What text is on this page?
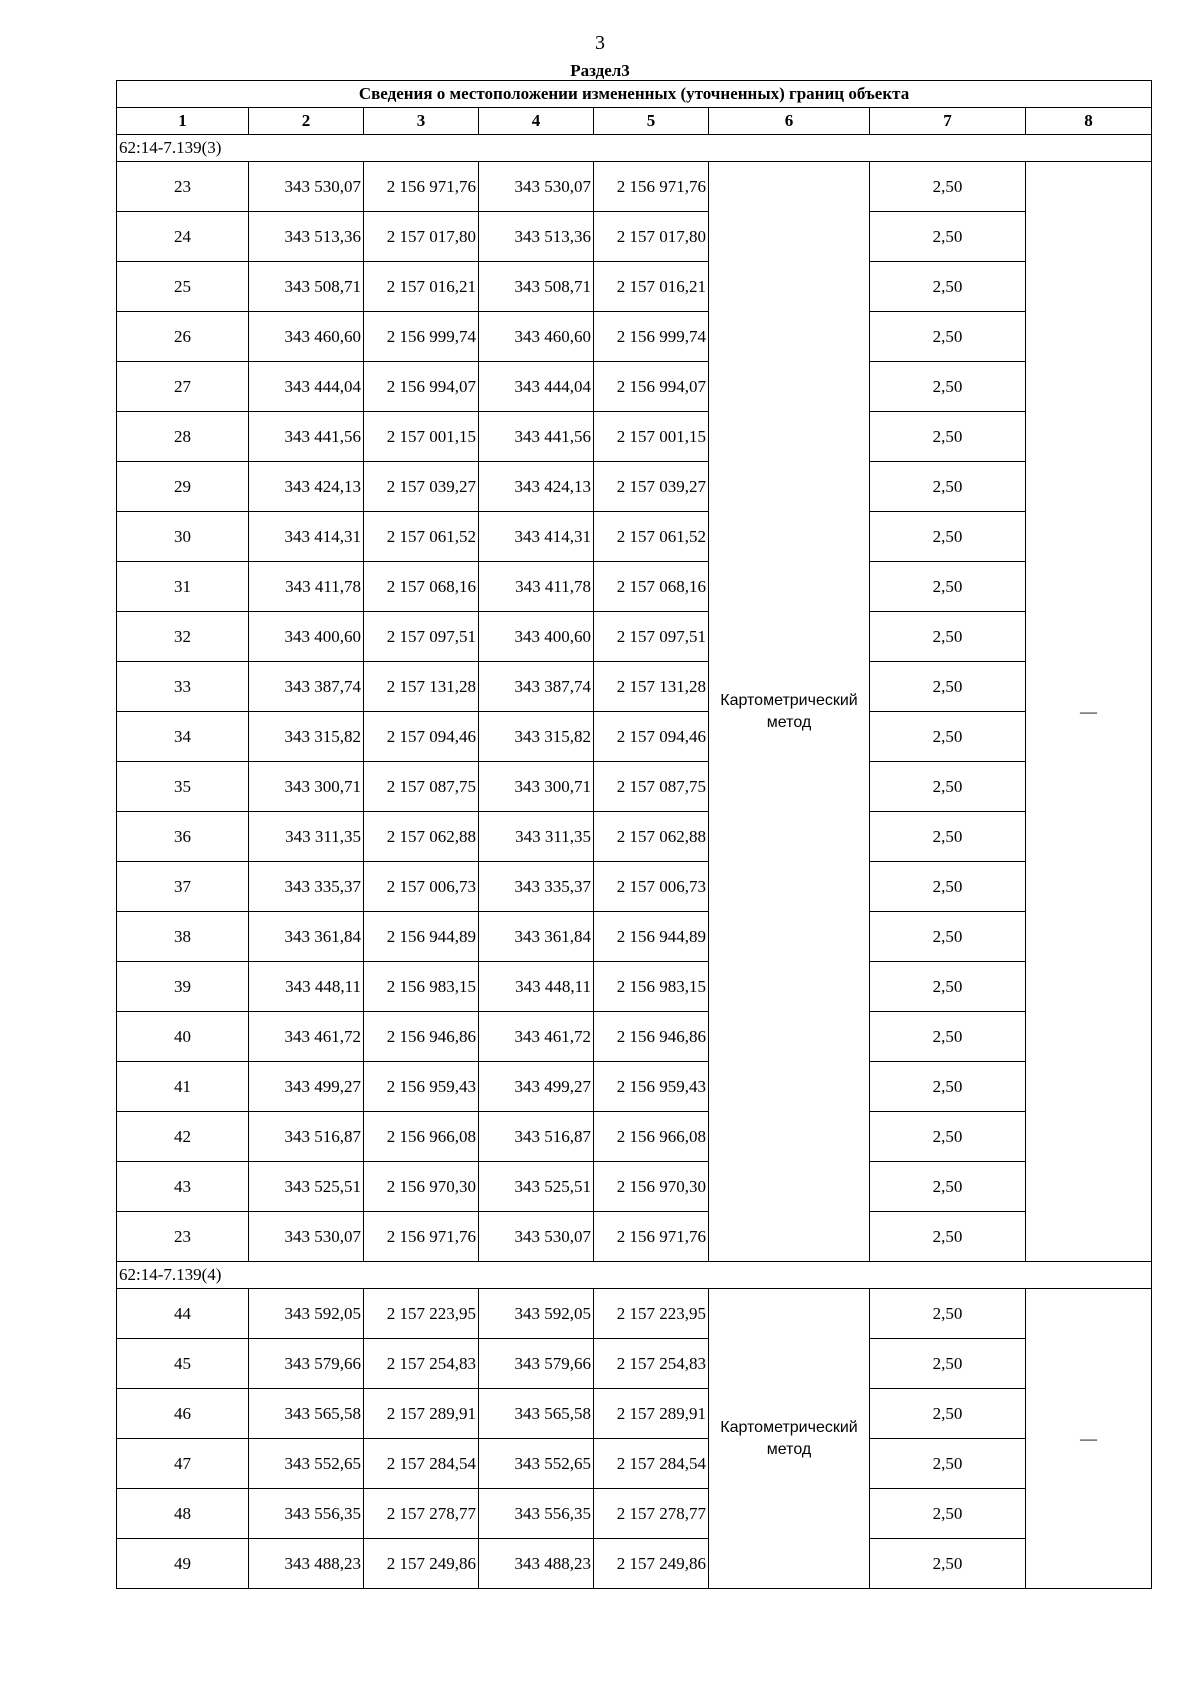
3
Раздел3
Сведения о местоположении измененных (уточненных) границ объекта							
1	2	3	4	5	6	7	8
62:14-7.139(3)							
23	343 530,07	2 156 971,76	343 530,07	2 156 971,76	Картометрический метод	2,50	—
24	343 513,36	2 157 017,80	343 513,36	2 157 017,80		2,50	
25	343 508,71	2 157 016,21	343 508,71	2 157 016,21		2,50	
26	343 460,60	2 156 999,74	343 460,60	2 156 999,74		2,50	
27	343 444,04	2 156 994,07	343 444,04	2 156 994,07		2,50	
28	343 441,56	2 157 001,15	343 441,56	2 157 001,15		2,50	
29	343 424,13	2 157 039,27	343 424,13	2 157 039,27		2,50	
30	343 414,31	2 157 061,52	343 414,31	2 157 061,52		2,50	
31	343 411,78	2 157 068,16	343 411,78	2 157 068,16		2,50	
32	343 400,60	2 157 097,51	343 400,60	2 157 097,51		2,50	
33	343 387,74	2 157 131,28	343 387,74	2 157 131,28		2,50	
34	343 315,82	2 157 094,46	343 315,82	2 157 094,46		2,50	
35	343 300,71	2 157 087,75	343 300,71	2 157 087,75		2,50	
36	343 311,35	2 157 062,88	343 311,35	2 157 062,88		2,50	
37	343 335,37	2 157 006,73	343 335,37	2 157 006,73		2,50	
38	343 361,84	2 156 944,89	343 361,84	2 156 944,89		2,50	
39	343 448,11	2 156 983,15	343 448,11	2 156 983,15		2,50	
40	343 461,72	2 156 946,86	343 461,72	2 156 946,86		2,50	
41	343 499,27	2 156 959,43	343 499,27	2 156 959,43		2,50	
42	343 516,87	2 156 966,08	343 516,87	2 156 966,08		2,50	
43	343 525,51	2 156 970,30	343 525,51	2 156 970,30		2,50	
23	343 530,07	2 156 971,76	343 530,07	2 156 971,76		2,50	
62:14-7.139(4)							
44	343 592,05	2 157 223,95	343 592,05	2 157 223,95	Картометрический метод	2,50	—
45	343 579,66	2 157 254,83	343 579,66	2 157 254,83		2,50	
46	343 565,58	2 157 289,91	343 565,58	2 157 289,91		2,50	
47	343 552,65	2 157 284,54	343 552,65	2 157 284,54		2,50	
48	343 556,35	2 157 278,77	343 556,35	2 157 278,77		2,50	
49	343 488,23	2 157 249,86	343 488,23	2 157 249,86		2,50	
